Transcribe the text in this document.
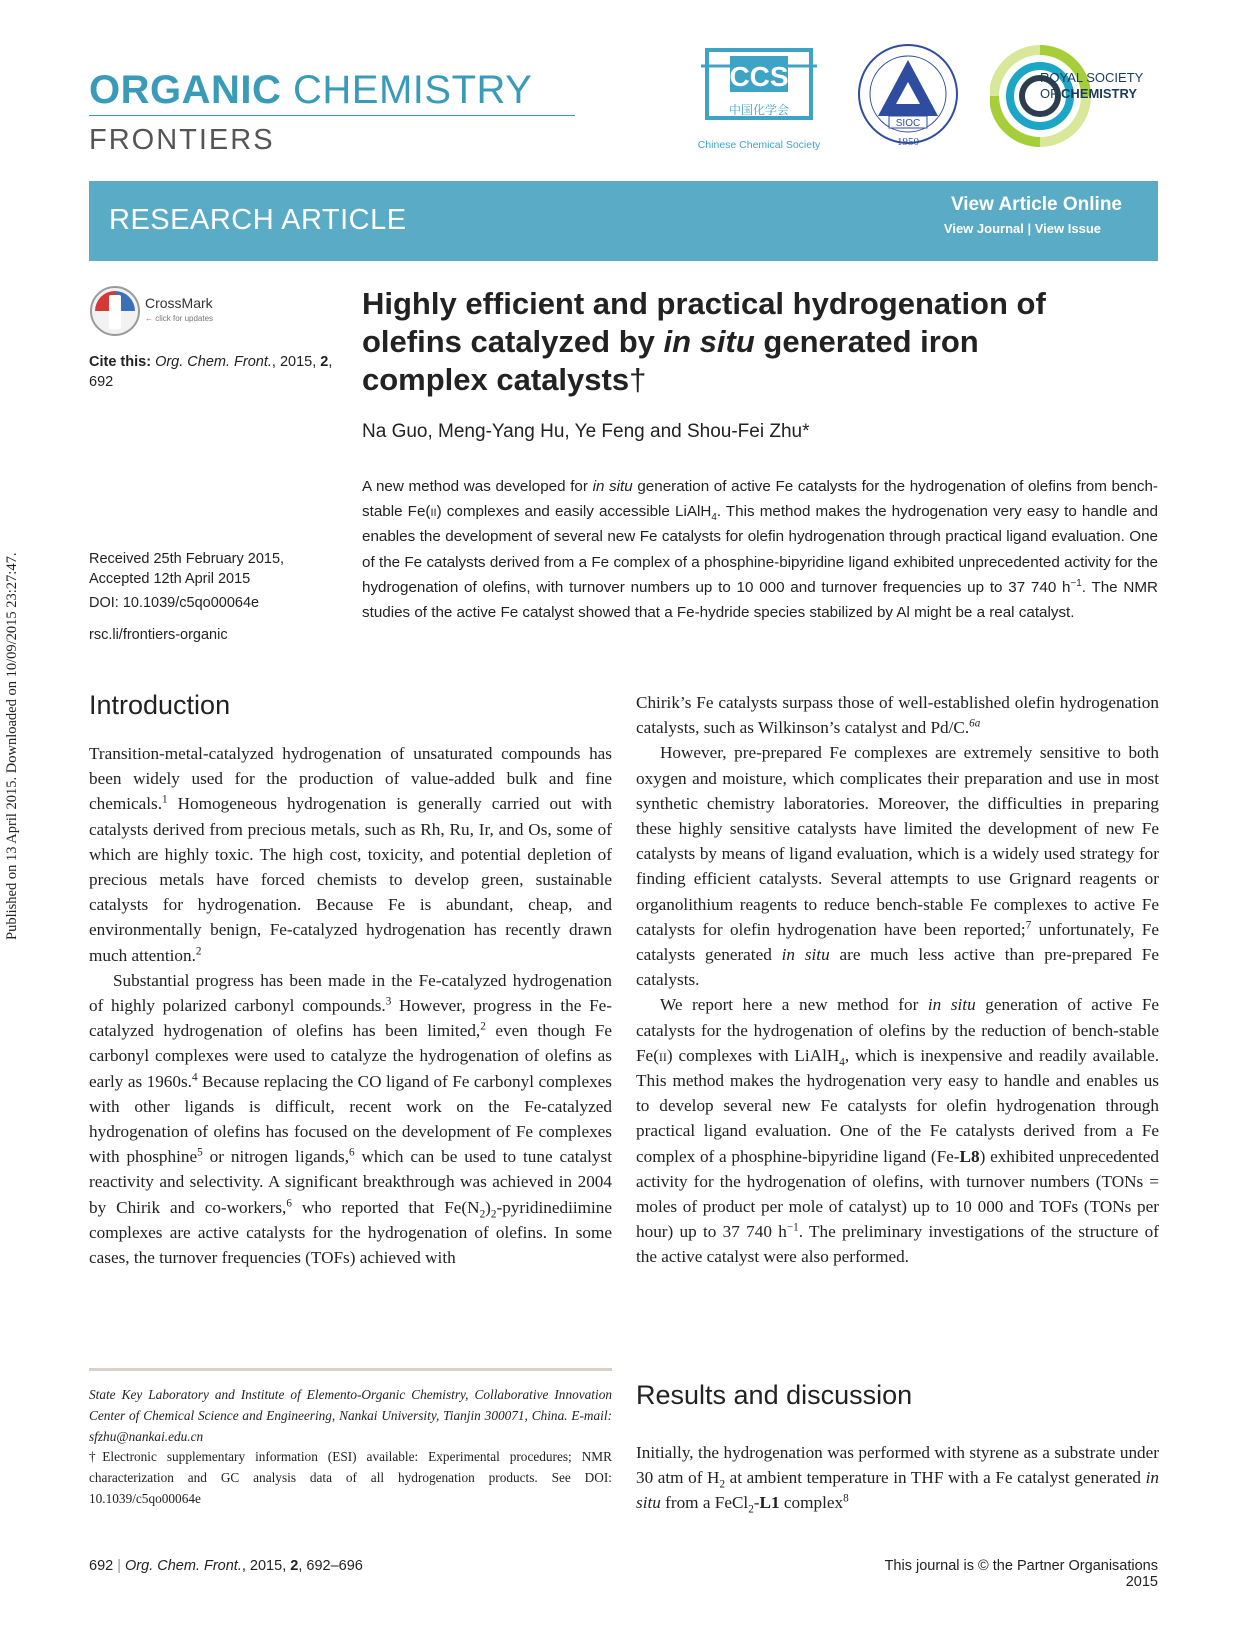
ORGANIC CHEMISTRY
FRONTIERS
CCS
中国化学会
Chinese Chemical Society
SIOC
1950
ROYAL SOCIETY
OF CHEMISTRY
RESEARCH ARTICLE	View Article Online
View Journal | View Issue
CrossMark
← click for updates
Cite this: Org. Chem. Front., 2015, 2, 692
Received 25th February 2015,
Accepted 12th April 2015
DOI: 10.1039/c5qo00064e
rsc.li/frontiers-organic
Highly efficient and practical hydrogenation of olefins catalyzed by in situ generated iron complex catalysts†
Na Guo, Meng-Yang Hu, Ye Feng and Shou-Fei Zhu*
A new method was developed for in situ generation of active Fe catalysts for the hydrogenation of olefins from bench-stable Fe(ii) complexes and easily accessible LiAlH$_4$. This method makes the hydrogenation very easy to handle and enables the development of several new Fe catalysts for olefin hydrogenation through practical ligand evaluation. One of the Fe catalysts derived from a Fe complex of a phosphine-bipyridine ligand exhibited unprecedented activity for the hydrogenation of olefins, with turnover numbers up to 10 000 and turnover frequencies up to 37 740 $h^{-1}$. The NMR studies of the active Fe catalyst showed that a Fe-hydride species stabilized by Al might be a real catalyst.
Published on 13 April 2015. Downloaded on 10/09/2015 23:27:47.	Introduction
Results and discussion

Transition-metal-catalyzed hydrogenation of unsaturated compounds has been widely used for the production of value-added bulk and fine chemicals.$^1$ Homogeneous hydrogenation is generally carried out with catalysts derived from precious metals, such as Rh, Ru, Ir, and Os, some of which are highly toxic. The high cost, toxicity, and potential depletion of precious metals have forced chemists to develop green, sustainable catalysts for hydrogenation. Because Fe is abundant, cheap, and environmentally benign, Fe-catalyzed hydrogenation has recently drawn much attention.$^2$

Substantial progress has been made in the Fe-catalyzed hydrogenation of highly polarized carbonyl compounds.$^3$ However, progress in the Fe-catalyzed hydrogenation of olefins has been limited,$^2$ even though Fe carbonyl complexes were used to catalyze the hydrogenation of olefins as early as 1960s.$^4$ Because replacing the CO ligand of Fe carbonyl complexes with other ligands is difficult, recent work on the Fe-catalyzed hydrogenation of olefins has focused on the development of Fe complexes with phosphine$^5$ or nitrogen ligands,$^6$ which can be used to tune catalyst reactivity and selectivity. A significant breakthrough was achieved in 2004 by Chirik and co-workers,$^6$ who reported that $Fe(N_2)_2$-pyridinediimine complexes are active catalysts for the hydrogenation of olefins. In some cases, the turnover frequencies (TOFs) achieved with

Chirik’s Fe catalysts surpass those of well-established olefin hydrogenation catalysts, such as Wilkinson’s catalyst and Pd/C.$^{6a}$

However, pre-prepared Fe complexes are extremely sensitive to both oxygen and moisture, which complicates their preparation and use in most synthetic chemistry laboratories. Moreover, the difficulties in preparing these highly sensitive catalysts have limited the development of new Fe catalysts by means of ligand evaluation, which is a widely used strategy for finding efficient catalysts. Several attempts to use Grignard reagents or organolithium reagents to reduce bench-stable Fe complexes to active Fe catalysts for olefin hydrogenation have been reported;$^7$ unfortunately, Fe catalysts generated in situ are much less active than pre-prepared Fe catalysts.

We report here a new method for in situ generation of active Fe catalysts for the hydrogenation of olefins by the reduction of bench-stable Fe(ii) complexes with LiAlH$_4$, which is inexpensive and readily available. This method makes the hydrogenation very easy to handle and enables us to develop several new Fe catalysts for olefin hydrogenation through practical ligand evaluation. One of the Fe catalysts derived from a Fe complex of a phosphine-bipyridine ligand (Fe-L8) exhibited unprecedented activity for the hydrogenation of olefins, with turnover numbers (TONs = moles of product per mole of catalyst) up to 10 000 and TOFs (TONs per hour) up to 37 740 $h^{-1}$. The preliminary investigations of the structure of the active catalyst were also performed.

Initially, the hydrogenation was performed with styrene as a substrate under 30 atm of $H_2$ at ambient temperature in THF with a Fe catalyst generated in situ from a FeCl$_2$-L1 complex$^8$

State Key Laboratory and Institute of Elemento-Organic Chemistry, Collaborative Innovation Center of Chemical Science and Engineering, Nankai University, Tianjin 300071, China. E-mail: sfzhu@nankai.edu.cn
†Electronic supplementary information (ESI) available: Experimental procedures; NMR characterization and GC analysis data of all hydrogenation products. See DOI: 10.1039/c5qo00064e
692 | Org. Chem. Front., 2015, 2, 692–696	This journal is © the Partner Organisations 2015
